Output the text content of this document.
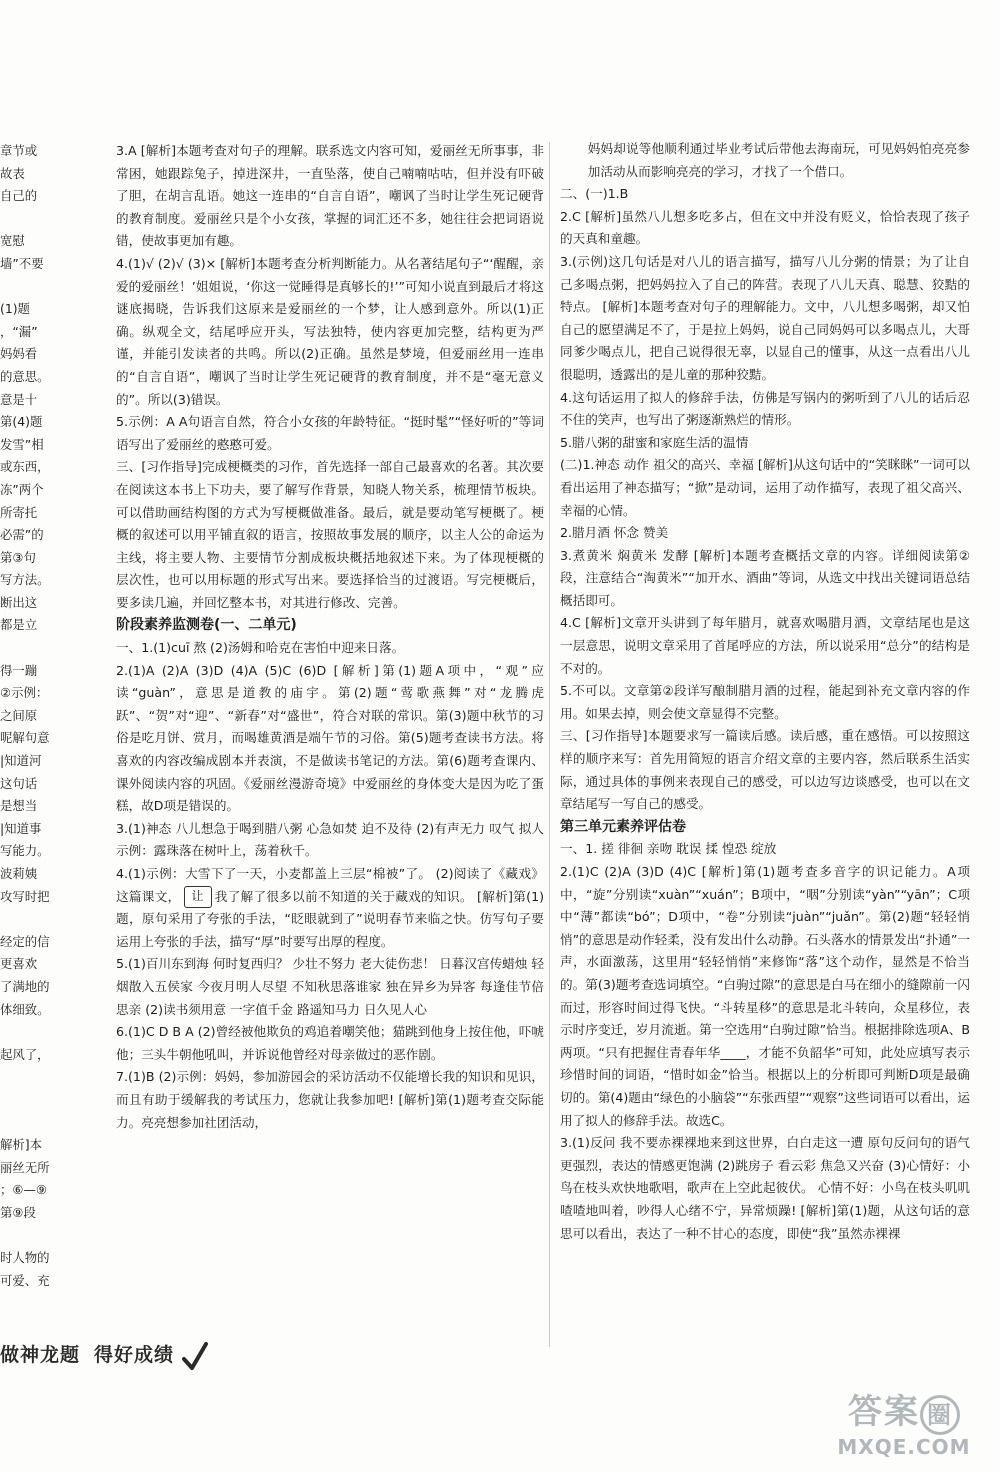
章节或
故表
自己的

宽慰
墙”不要

(1)题
，“漏”
妈妈看
的意思。
意是十
第(4)题
发雪”相
或东西，
冻”两个
所寄托
必需”的
第③句
写方法。
断出这
都是立

得一蹦
②示例：
之间原
呢解句意
|知道河
这句话
是想当
|知道事
写能力。
波莉姨
攻写时把

经定的信
更喜欢
了满地的
体细致。

起风了，

解析]本
丽丝无所
；⑥—⑨
第⑨段

时人物的
可爱、充

3.A [解析]本题考查对句子的理解。联系选文内容可知，爱丽丝无所事事，非常困，她跟踪兔子，掉进深井，一直坠落，使自己喃喃咕咕，但并没有吓破了胆，在胡言乱语。她这一连串的“自言自语”，嘲讽了当时让学生死记硬背的教育制度。爱丽丝只是个小女孩，掌握的词汇还不多，她往往会把词语说错，使故事更加有趣。

4.(1)√ (2)√ (3)× [解析]本题考查分析判断能力。从名著结尾句子“‘醒醒，亲爱的爱丽丝！’姐姐说，‘你这一觉睡得是真够长的!’”可知小说直到最后才将这谜底揭晓，告诉我们这原来是爱丽丝的一个梦，让人感到意外。所以(1)正确。纵观全文，结尾呼应开头，写法独特，使内容更加完整，结构更为严谨，并能引发读者的共鸣。所以(2)正确。虽然是梦境，但爱丽丝用一连串的“自言自语”，嘲讽了当时让学生死记硬背的教育制度，并不是“毫无意义的”。所以(3)错误。

5.示例：A A句语言自然，符合小女孩的年龄特征。“挺时髦”“怪好听的”等词语写出了爱丽丝的憨憨可爱。

三、[习作指导]完成梗概类的习作，首先选择一部自己最喜欢的名著。其次要在阅读这本书上下功夫，要了解写作背景，知晓人物关系，梳理情节板块。可以借助画结构图的方式为写梗概做准备。最后，就是要动笔写梗概了。梗概的叙述可以用平铺直叙的语言，按照故事发展的顺序，以主人公的命运为主线，将主要人物、主要情节分割成板块概括地叙述下来。为了体现梗概的层次性，也可以用标题的形式写出来。要选择恰当的过渡语。写完梗概后，要多读几遍，并回忆整本书，对其进行修改、完善。

阶段素养监测卷(一、二单元)

一、1.(1)cuī 熬 (2)汤姆和哈克在害怕中迎来日落。

2.(1)A (2)A (3)D (4)A (5)C (6)D [解析]第(1)题A项中，“观”应读“guàn”，意思是道教的庙宇。第(2)题“莺歌燕舞”对“龙腾虎跃”、“贺”对“迎”、“新春”对“盛世”，符合对联的常识。第(3)题中秋节的习俗是吃月饼、赏月，而喝雄黄酒是端午节的习俗。第(5)题考查读书方法。将喜欢的内容改编成剧本并表演，不是做读书笔记的方法。第(6)题考查课内、课外阅读内容的巩固。《爱丽丝漫游奇境》中爱丽丝的身体变大是因为吃了蛋糕，故D项是错误的。

3.(1)神态 八儿想急于喝到腊八粥 心急如焚 迫不及待 (2)有声无力 叹气 拟人 示例：露珠落在树叶上，荡着秋千。

4.(1)示例：大雪下了一天，小麦都盖上三层“棉被”了。 (2)阅读了《藏戏》这篇课文， 让 我了解了很多以前不知道的关于藏戏的知识。 [解析]第(1)题，原句采用了夸张的手法，“眨眼就到了”说明春节来临之快。仿写句子要运用上夸张的手法，描写“厚”时要写出厚的程度。

5.(1)百川东到海 何时复西归？ 少壮不努力 老大徒伤悲！ 日暮汉宫传蜡烛 轻烟散入五侯家 今夜月明人尽望 不知秋思落谁家 独在异乡为异客 每逢佳节倍思亲 (2)读书须用意 一字值千金 路遥知马力 日久见人心

6.(1)C D B A (2)曾经被他欺负的鸡追着嘲笑他；猫跳到他身上按住他，吓唬他；三头牛朝他吼叫，并诉说他曾经对母亲做过的恶作剧。

7.(1)B (2)示例：妈妈，参加游园会的采访活动不仅能增长我的知识和见识，而且有助于缓解我的考试压力，您就让我参加吧! [解析]第(1)题考查交际能力。亮亮想参加社团活动，

妈妈却说等他顺利通过毕业考试后带他去海南玩，可见妈妈怕亮亮参加活动从而影响亮亮的学习，才找了一个借口。

二、(一)1.B

2.C [解析]虽然八儿想多吃多占，但在文中并没有贬义，恰恰表现了孩子的天真和童趣。

3.(示例)这几句话是对八儿的语言描写，描写八儿分粥的情景；为了让自己多喝点粥，把妈妈拉入了自己的阵营。表现了八儿天真、聪慧、狡黠的特点。 [解析]本题考查对句子的理解能力。文中，八儿想多喝粥，却又怕自己的愿望满足不了，于是拉上妈妈，说自己同妈妈可以多喝点儿，大哥同爹少喝点儿，把自己说得很无辜，以显自己的懂事，从这一点看出八儿很聪明，透露出的是儿童的那种狡黠。

4.这句话运用了拟人的修辞手法，仿佛是写锅内的粥听到了八儿的话后忍不住的笑声，也写出了粥逐渐熟烂的情形。

5.腊八粥的甜蜜和家庭生活的温情

(二)1.神态 动作 祖父的高兴、幸福 [解析]从这句话中的“笑眯眯”一词可以看出运用了神态描写；“掀”是动词，运用了动作描写，表现了祖父高兴、幸福的心情。

2.腊月酒 怀念 赞美

3.煮黄米 焖黄米 发酵 [解析]本题考查概括文章的内容。详细阅读第②段，注意结合“淘黄米”“加开水、酒曲”等词，从选文中找出关键词语总结概括即可。

4.C [解析]文章开头讲到了每年腊月，就喜欢喝腊月酒，文章结尾也是这一层意思，说明文章采用了首尾呼应的方法，所以说采用“总分”的结构是不对的。

5.不可以。文章第②段详写酿制腊月酒的过程，能起到补充文章内容的作用。如果去掉，则会使文章显得不完整。

三、[习作指导]本题要求写一篇读后感。读后感，重在感悟。可以按照这样的顺序来写：首先用简短的语言介绍文章的主要内容，然后联系生活实际，通过具体的事例来表现自己的感受，可以边写边谈感受，也可以在文章结尾写一写自己的感受。

第三单元素养评估卷

一、1. 搓 徘徊 亲吻 耽误 揉 惶恐 绽放

2.(1)C (2)A (3)D (4)C [解析]第(1)题考查多音字的识记能力。A项中，“旋”分别读“xuàn”“xuán”；B项中，“咽”分别读“yàn”“yān”；C项中“薄”都读“bó”；D项中，“卷”分别读“juàn”“juǎn”。第(2)题“轻轻悄悄”的意思是动作轻柔，没有发出什么动静。石头落水的情景发出“扑通”一声，水面激荡，这里用“轻轻悄悄”来修饰“落”这个动作，显然是不恰当的。第(3)题考查选词填空。“白驹过隙”的意思是白马在细小的缝隙前一闪而过，形容时间过得飞快。“斗转星移”的意思是北斗转向，众星移位，表示时序变迁，岁月流逝。第一空选用“白驹过隙”恰当。根据排除选项A、B两项。“只有把握住青春年华____，才能不负韶华”可知，此处应填写表示珍惜时间的词语，“惜时如金”恰当。根据以上的分析即可判断D项是最确切的。第(4)题由“绿色的小脑袋”“东张西望”“观察”这些词语可以看出，运用了拟人的修辞手法。故选C。

3.(1)反问 我不要赤裸裸地来到这世界，白白走这一遭 原句反问句的语气更强烈，表达的情感更饱满 (2)跳房子 看云彩 焦急又兴奋 (3)心情好：小鸟在枝头欢快地歌唱，歌声在上空此起彼伏。 心情不好：小鸟在枝头叽叽喳喳地叫着，吵得人心绪不宁，异常烦躁! [解析]第(1)题，从这句话的意思可以看出，表达了一种不甘心的态度，即使“我”虽然赤裸裸

做神龙题 得好成绩
答案 圈
MXQE.COM
